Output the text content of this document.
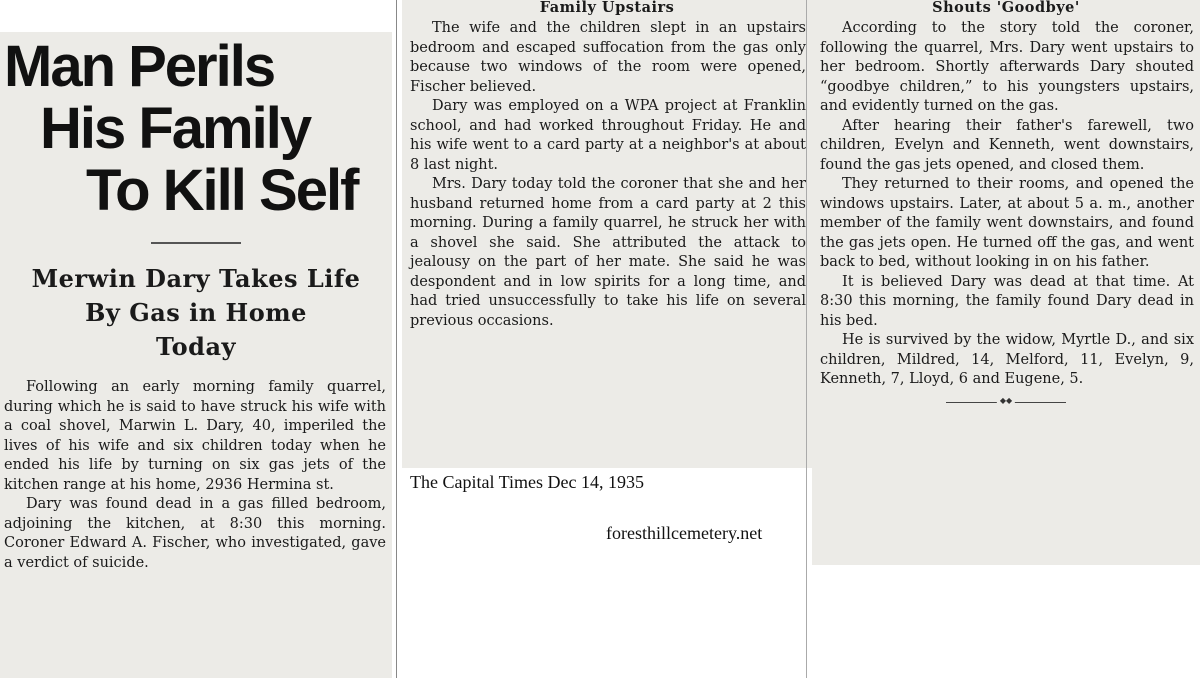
Man Perils
His Family
To Kill Self
Merwin Dary Takes Life
By Gas in Home
Today

Following an early morning family quarrel, during which he is said to have struck his wife with a coal shovel, Marwin L. Dary, 40, imperiled the lives of his wife and six children today when he ended his life by turning on six gas jets of the kitchen range at his home, 2936 Hermina st.

Dary was found dead in a gas filled bedroom, adjoining the kitchen, at 8:30 this morning. Coroner Edward A. Fischer, who investigated, gave a verdict of suicide.

Family Upstairs

The wife and the children slept in an upstairs bedroom and escaped suffocation from the gas only because two windows of the room were opened, Fischer believed.

Dary was employed on a WPA project at Franklin school, and had worked throughout Friday. He and his wife went to a card party at a neighbor's at about 8 last night.

Mrs. Dary today told the coroner that she and her husband returned home from a card party at 2 this morning. During a family quarrel, he struck her with a shovel she said. She attributed the attack to jealousy on the part of her mate. She said he was despondent and in low spirits for a long time, and had tried unsuccessfully to take his life on several previous occasions.

Shouts 'Goodbye'

According to the story told the coroner, following the quarrel, Mrs. Dary went upstairs to her bedroom. Shortly afterwards Dary shouted “goodbye children,” to his youngsters upstairs, and evidently turned on the gas.

After hearing their father's farewell, two children, Evelyn and Kenneth, went downstairs, found the gas jets opened, and closed them.

They returned to their rooms, and opened the windows upstairs. Later, at about 5 a. m., another member of the family went downstairs, and found the gas jets open. He turned off the gas, and went back to bed, without looking in on his father.

It is believed Dary was dead at that time. At 8:30 this morning, the family found Dary dead in his bed.

He is survived by the widow, Myrtle D., and six children, Mildred, 14, Melford, 11, Evelyn, 9, Kenneth, 7, Lloyd, 6 and Eugene, 5.

◆◆
The Capital Times Dec 14, 1935
foresthillcemetery.net
